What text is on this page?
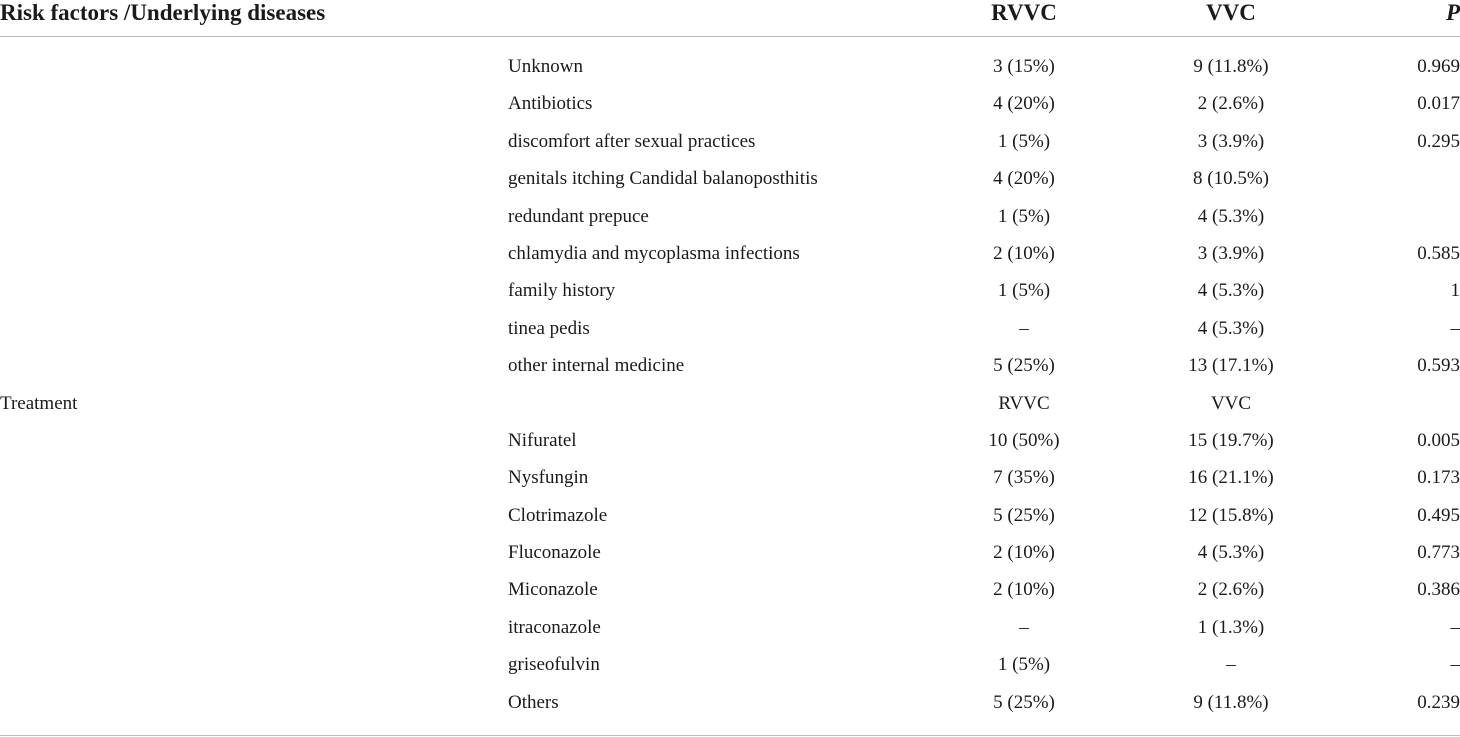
Risk factors /Underlying diseases	RVVC	VVC	P
Unknown	3 (15%)	9 (11.8%)	0.969
Antibiotics	4 (20%)	2 (2.6%)	0.017
discomfort after sexual practices	1 (5%)	3 (3.9%)	0.295
genitals itching Candidal balanoposthitis	4 (20%)	8 (10.5%)
redundant prepuce	1 (5%)	4 (5.3%)
chlamydia and mycoplasma infections	2 (10%)	3 (3.9%)	0.585
family history	1 (5%)	4 (5.3%)	1
tinea pedis	–	4 (5.3%)	–
other internal medicine	5 (25%)	13 (17.1%)	0.593
Treatment	RVVC	VVC
Nifuratel	10 (50%)	15 (19.7%)	0.005
Nysfungin	7 (35%)	16 (21.1%)	0.173
Clotrimazole	5 (25%)	12 (15.8%)	0.495
Fluconazole	2 (10%)	4 (5.3%)	0.773
Miconazole	2 (10%)	2 (2.6%)	0.386
itraconazole	–	1 (1.3%)	–
griseofulvin	1 (5%)	–	–
Others	5 (25%)	9 (11.8%)	0.239
